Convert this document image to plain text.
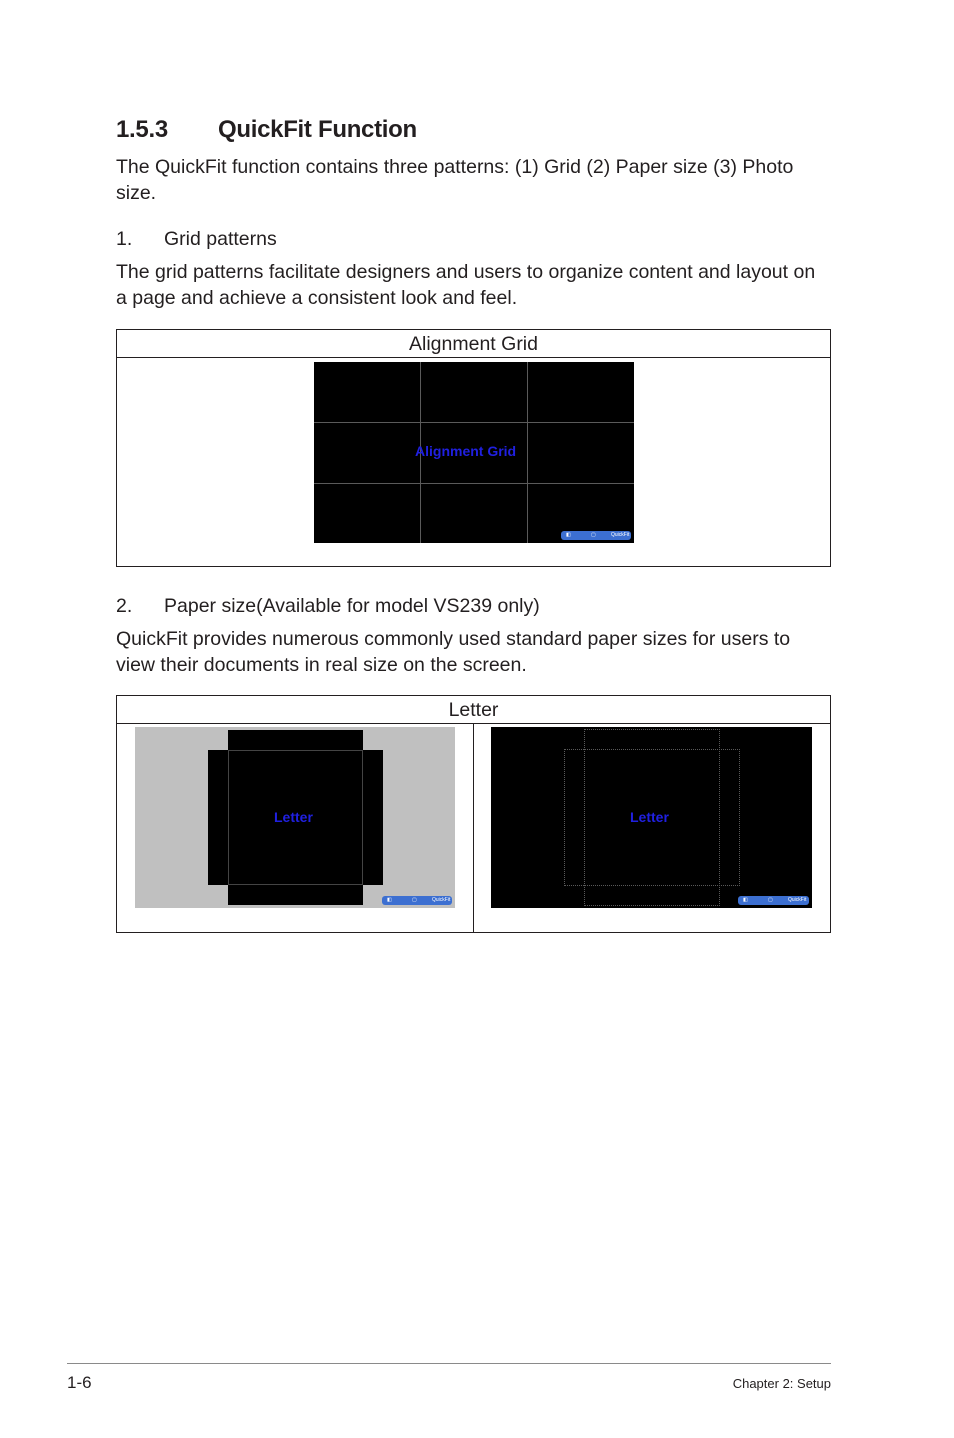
1.5.3 QuickFit Function

The QuickFit function contains three patterns: (1) Grid (2) Paper size (3) Photo size.

1. Grid patterns

The grid patterns facilitate designers and users to organize content and layout on a page and achieve a consistent look and feel.

Alignment Grid
Alignment Grid
◧	▢	QuickFit

2. Paper size(Available for model VS239 only)

QuickFit provides numerous commonly used standard paper sizes for users to view their documents in real size on the screen.

Letter
Letter
◧	▢	QuickFit
Letter
◧	▢	QuickFit
1-6	Chapter 2: Setup
